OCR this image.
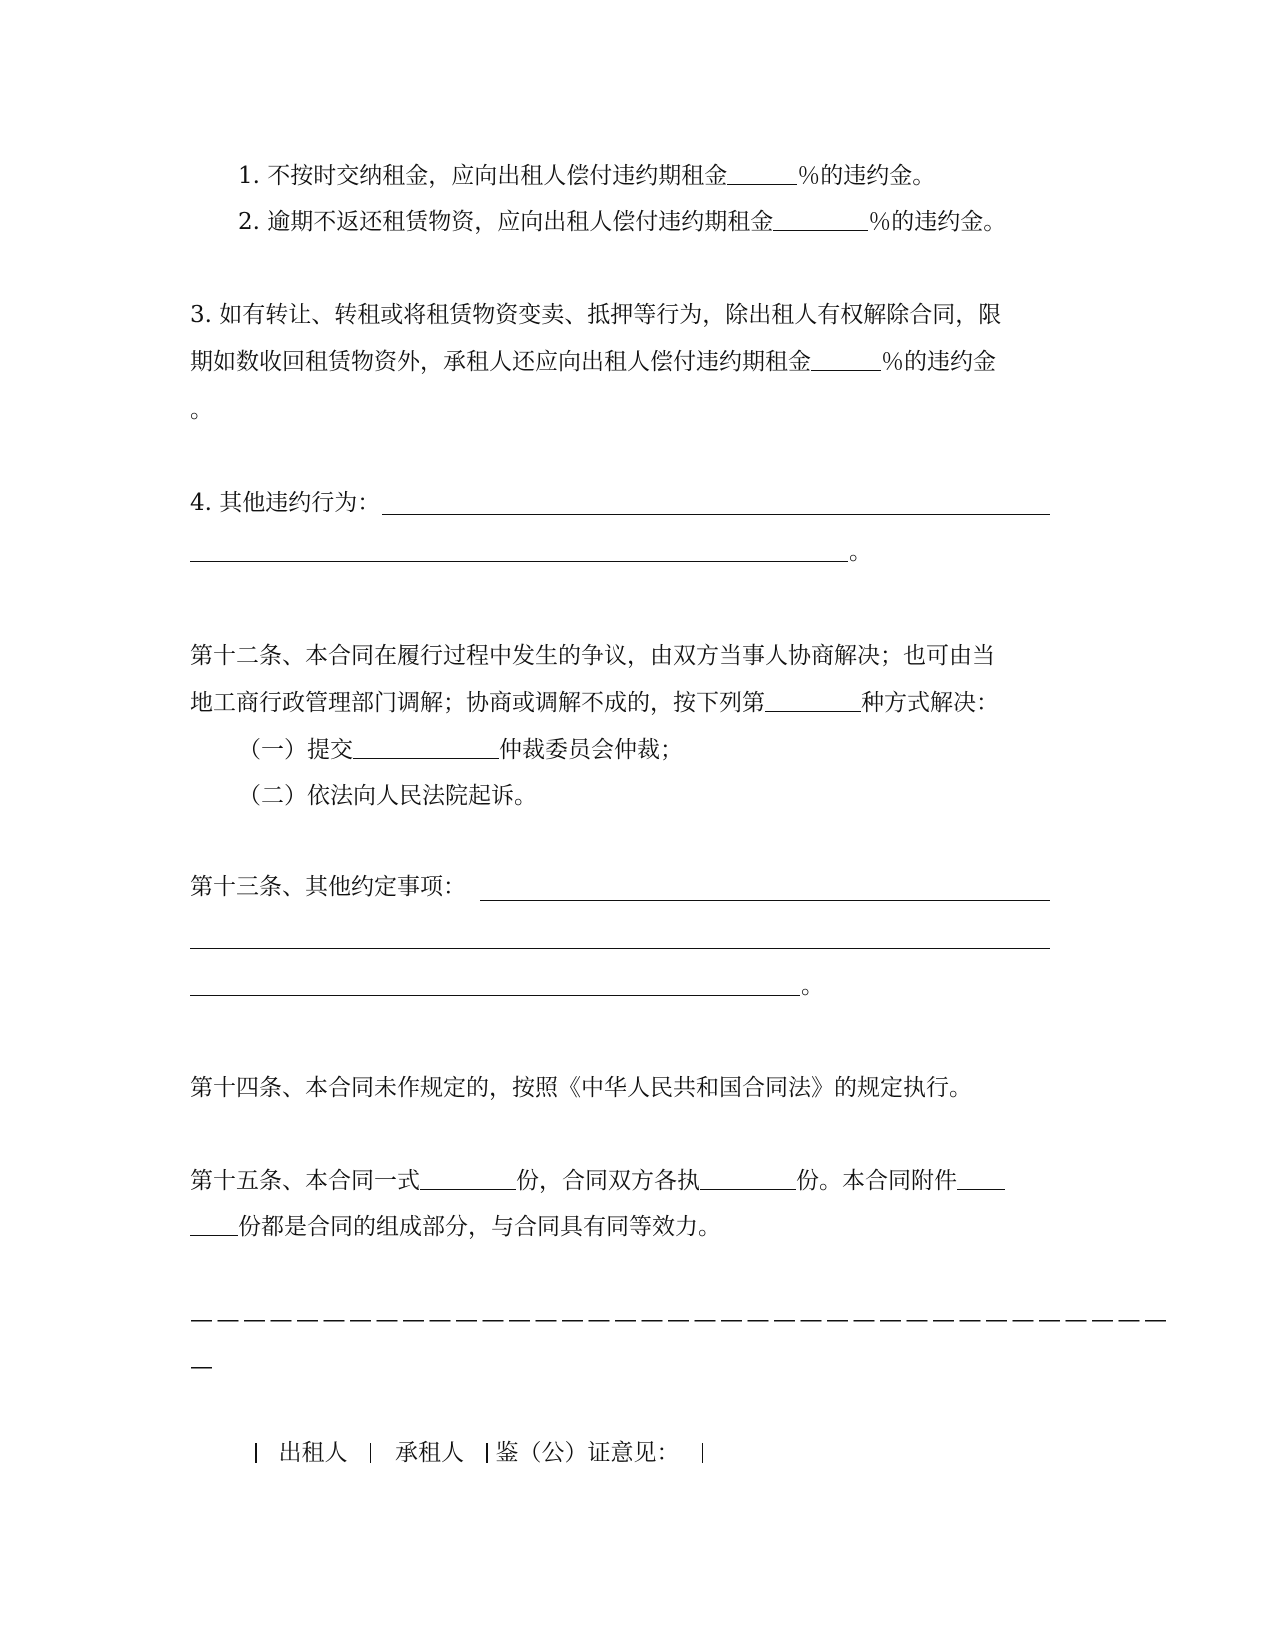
1. 不按时交纳租金，应向出租人偿付违约期租金	％的违约金。
2. 逾期不返还租赁物资，应向出租人偿付违约期租金	％的违约金。
3. 如有转让、转租或将租赁物资变卖、抵押等行为，除出租人有权解除合同，限
期如数收回租赁物资外，承租人还应向出租人偿付违约期租金	％的违约金
。
4. 其他违约行为：
。
第十二条、本合同在履行过程中发生的争议，由双方当事人协商解决；也可由当
地工商行政管理部门调解；协商或调解不成的，按下列第	种方式解决：
（一）提交	仲裁委员会仲裁；
（二）依法向人民法院起诉。
第十三条、其他约定事项：
。
第十四条、本合同未作规定的，按照《中华人民共和国合同法》的规定执行。
第十五条、本合同一式	份，合同双方各执	份。本合同附件
份都是合同的组成部分，与合同具有同等效力。
—————————————————————————————————————
—
出租人 承租人 鉴（公）证意见：
